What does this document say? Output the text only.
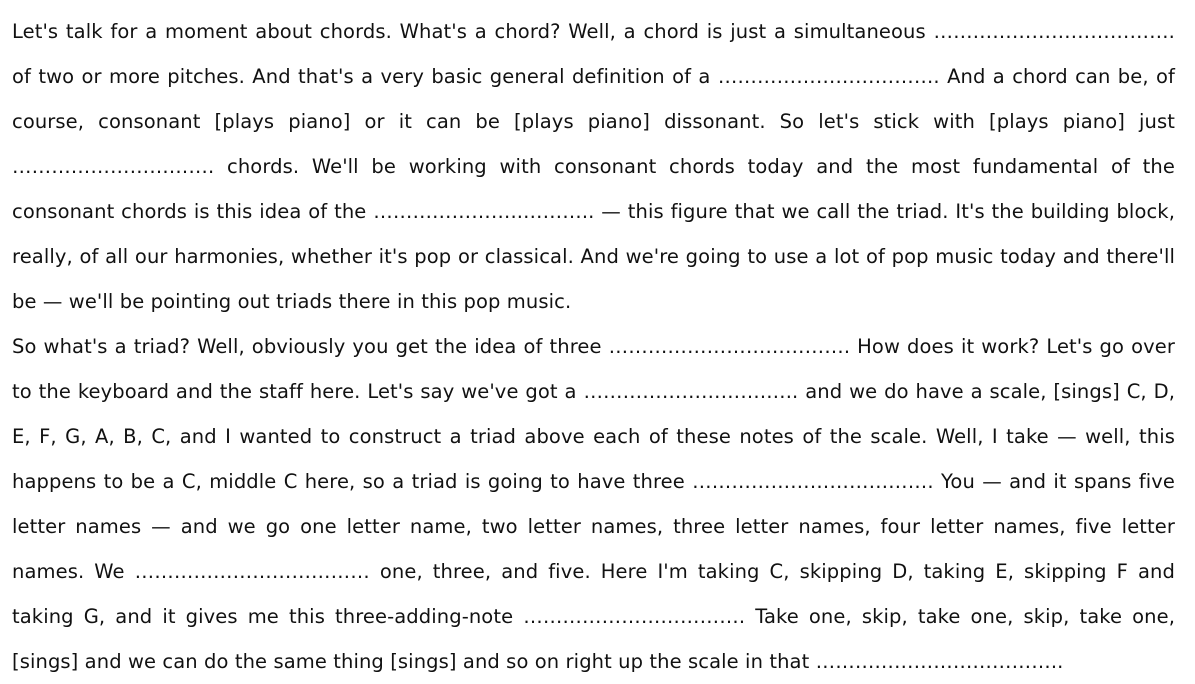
Let's talk for a moment about chords. What's a chord? Well, a chord is just a simultaneous ………………………………. of two or more pitches. And that's a very basic general definition of a ……………………………. And a chord can be, of course, consonant [plays piano] or it can be [plays piano] dissonant. So let's stick with [plays piano] just …………………………. chords. We'll be working with consonant chords today and the most fundamental of the consonant chords is this idea of the …………………..……….. — this figure that we call the triad. It's the building block, really, of all our harmonies, whether it's pop or classical. And we're going to use a lot of pop music today and there'll be — we'll be pointing out triads there in this pop music.

So what's a triad? Well, obviously you get the idea of three ………………………………. How does it work? Let's go over to the keyboard and the staff here. Let's say we've got a ……………………….….. and we do have a scale, [sings] C, D, E, F, G, A, B, C, and I wanted to construct a triad above each of these notes of the scale. Well, I take — well, this happens to be a C, middle C here, so a triad is going to have three ………………………………. You — and it spans five letter names — and we go one letter name, two letter names, three letter names, four letter names, five letter names. We ……………………………… one, three, and five. Here I'm taking C, skipping D, taking E, skipping F and taking G, and it gives me this three-adding-note ……………………………. Take one, skip, take one, skip, take one, [sings] and we can do the same thing [sings] and so on right up the scale in that ………………………………..
